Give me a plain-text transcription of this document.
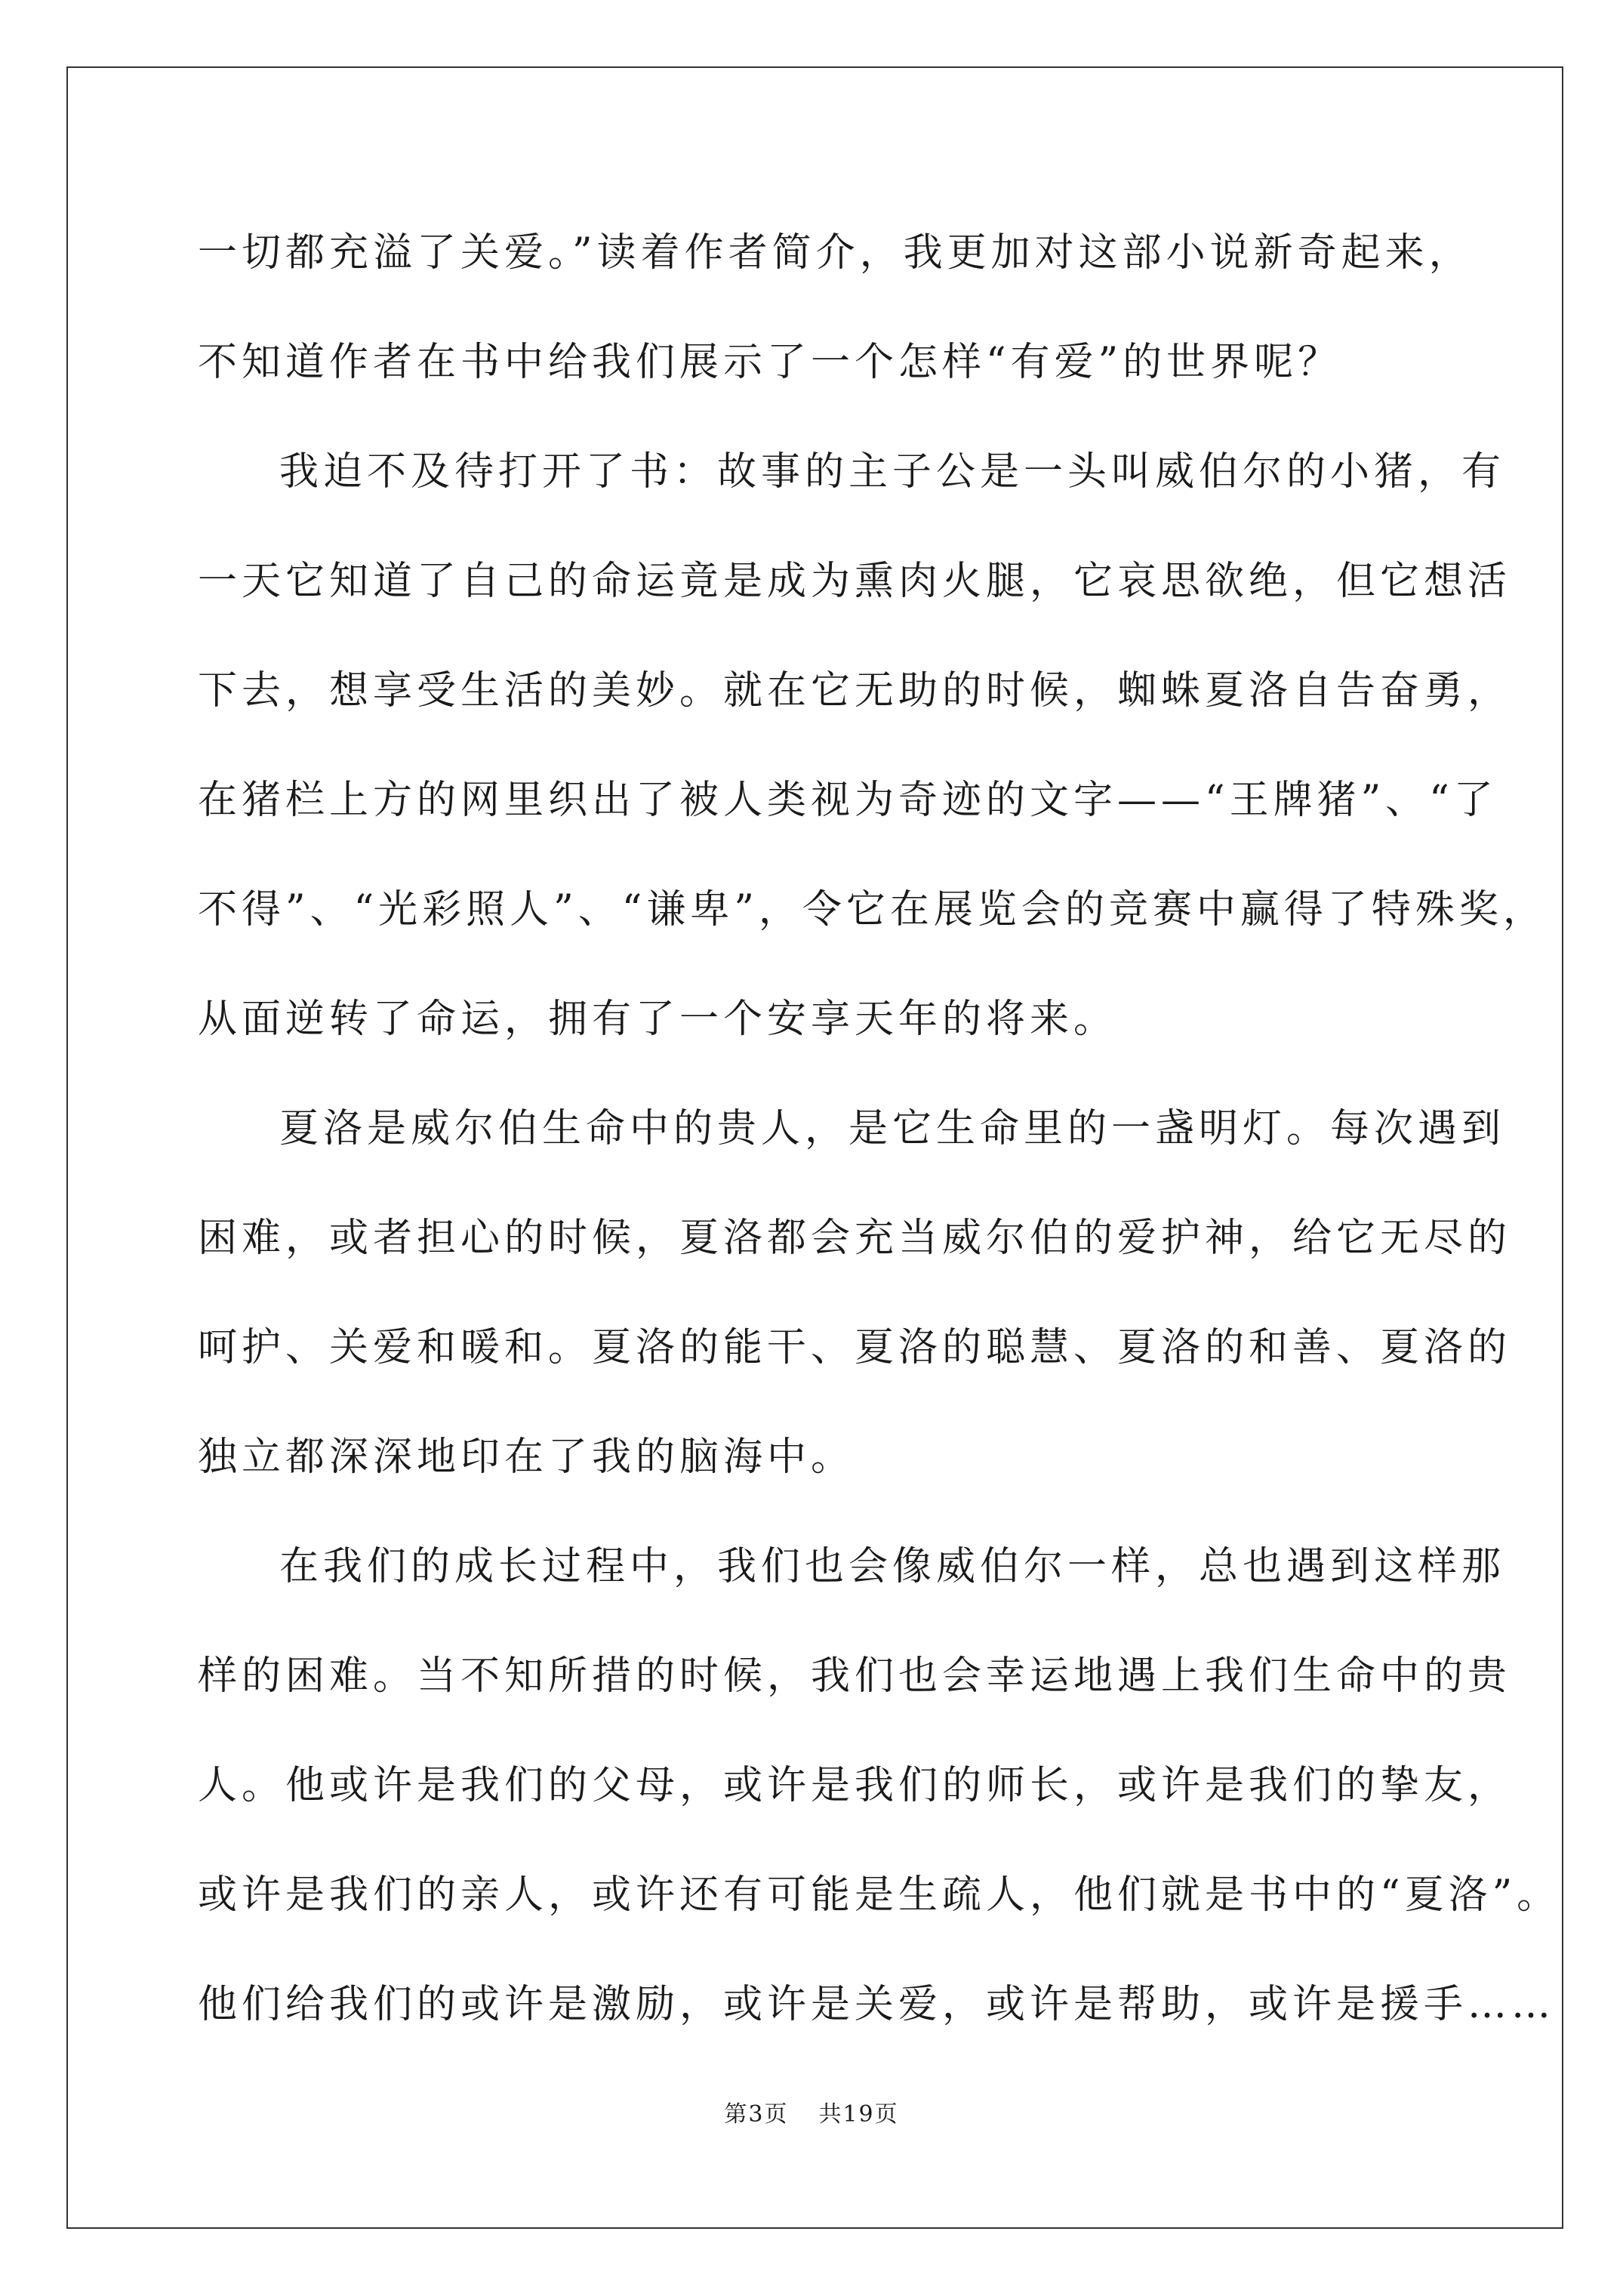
一切都充溢了关爱。”读着作者简介，我更加对这部小说新奇起来，
不知道作者在书中给我们展示了一个怎样“有爱”的世界呢？
我迫不及待打开了书：故事的主子公是一头叫威伯尔的小猪，有
一天它知道了自己的命运竟是成为熏肉火腿，它哀思欲绝，但它想活
下去，想享受生活的美妙。就在它无助的时候，蜘蛛夏洛自告奋勇，
在猪栏上方的网里织出了被人类视为奇迹的文字——“王牌猪”、“了
不得”、“光彩照人”、“谦卑”，令它在展览会的竞赛中赢得了特殊奖，
从面逆转了命运，拥有了一个安享天年的将来。
夏洛是威尔伯生命中的贵人，是它生命里的一盏明灯。每次遇到
困难，或者担心的时候，夏洛都会充当威尔伯的爱护神，给它无尽的
呵护、关爱和暖和。夏洛的能干、夏洛的聪慧、夏洛的和善、夏洛的
独立都深深地印在了我的脑海中。
在我们的成长过程中，我们也会像威伯尔一样，总也遇到这样那
样的困难。当不知所措的时候，我们也会幸运地遇上我们生命中的贵
人。他或许是我们的父母，或许是我们的师长，或许是我们的挚友，
或许是我们的亲人，或许还有可能是生疏人，他们就是书中的“夏洛”。
他们给我们的或许是激励，或许是关爱，或许是帮助，或许是援手……
第3页 共19页
